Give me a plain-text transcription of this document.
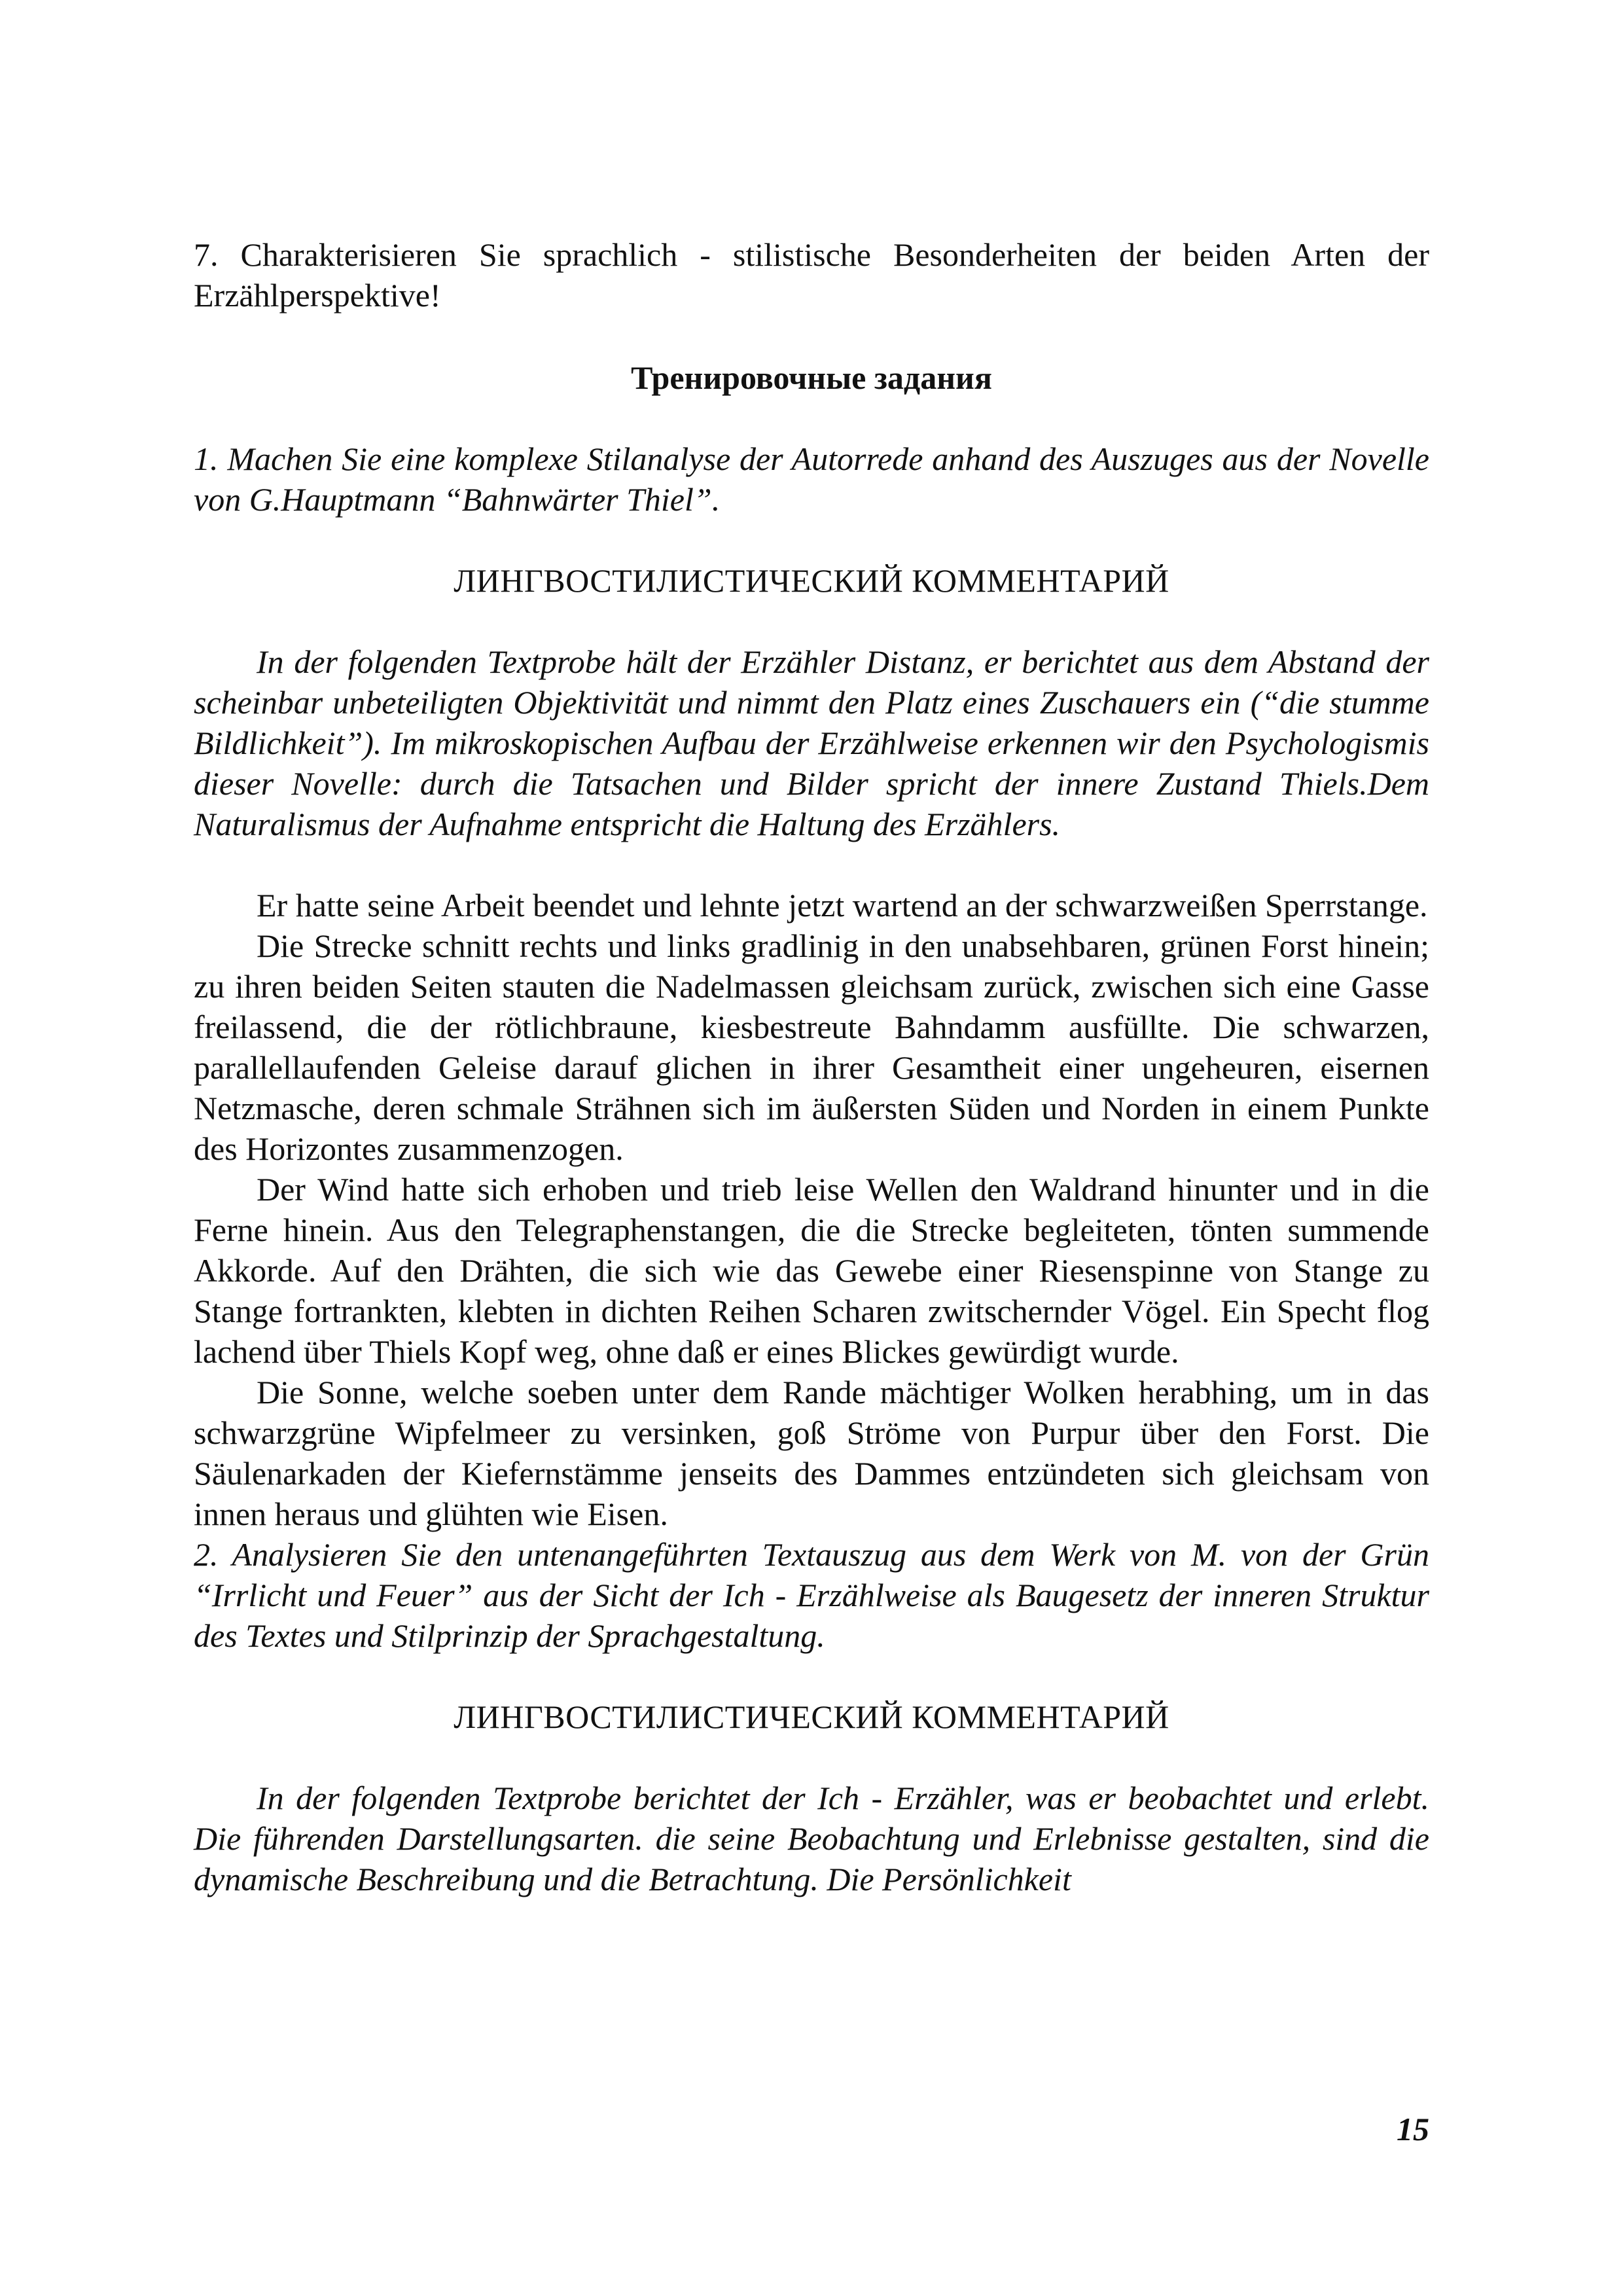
7. Charakterisieren Sie sprachlich - stilistische Besonderheiten der beiden Arten der Erzählperspektive!

Тренировочные задания

1. Machen Sie eine komplexe Stilanalyse der Autorrede anhand des Auszuges aus der Novelle von G.Hauptmann “Bahnwärter Thiel”.

ЛИНГВОСТИЛИСТИЧЕСКИЙ КОММЕНТАРИЙ

In der folgenden Textprobe hält der Erzähler Distanz, er berichtet aus dem Abstand der scheinbar unbeteiligten Objektivität und nimmt den Platz eines Zuschauers ein (“die stumme Bildlichkeit”). Im mikroskopischen Aufbau der Erzählweise erkennen wir den Psychologismis dieser Novelle: durch die Tatsachen und Bilder spricht der innere Zustand Thiels.Dem Naturalismus der Aufnahme entspricht die Haltung des Erzählers.

Er hatte seine Arbeit beendet und lehnte jetzt wartend an der schwarzweißen Sperrstange.

Die Strecke schnitt rechts und links gradlinig in den unabsehbaren, grünen Forst hinein; zu ihren beiden Seiten stauten die Nadelmassen gleichsam zurück, zwischen sich eine Gasse freilassend, die der rötlichbraune, kiesbestreute Bahndamm ausfüllte. Die schwarzen, parallellaufenden Geleise darauf glichen in ihrer Gesamtheit einer ungeheuren, eisernen Netzmasche, deren schmale Strähnen sich im äußersten Süden und Norden in einem Punkte des Horizontes zusammenzogen.

Der Wind hatte sich erhoben und trieb leise Wellen den Waldrand hinunter und in die Ferne hinein. Aus den Telegraphenstangen, die die Strecke begleiteten, tönten summende Akkorde. Auf den Drähten, die sich wie das Gewebe einer Riesenspinne von Stange zu Stange fortrankten, klebten in dichten Reihen Scharen zwitschernder Vögel. Ein Specht flog lachend über Thiels Kopf weg, ohne daß er eines Blickes gewürdigt wurde.

Die Sonne, welche soeben unter dem Rande mächtiger Wolken herabhing, um in das schwarzgrüne Wipfelmeer zu versinken, goß Ströme von Purpur über den Forst. Die Säulenarkaden der Kiefernstämme jenseits des Dammes entzündeten sich gleichsam von innen heraus und glühten wie Eisen.

2. Analysieren Sie den untenangeführten Textauszug aus dem Werk von M. von der Grün “Irrlicht und Feuer” aus der Sicht der Ich - Erzählweise als Baugesetz der inneren Struktur des Textes und Stilprinzip der Sprachgestaltung.

ЛИНГВОСТИЛИСТИЧЕСКИЙ КОММЕНТАРИЙ

In der folgenden Textprobe berichtet der Ich - Erzähler, was er beobachtet und erlebt. Die führenden Darstellungsarten. die seine Beobachtung und Erlebnisse gestalten, sind die dynamische Beschreibung und die Betrachtung. Die Persönlichkeit

15
